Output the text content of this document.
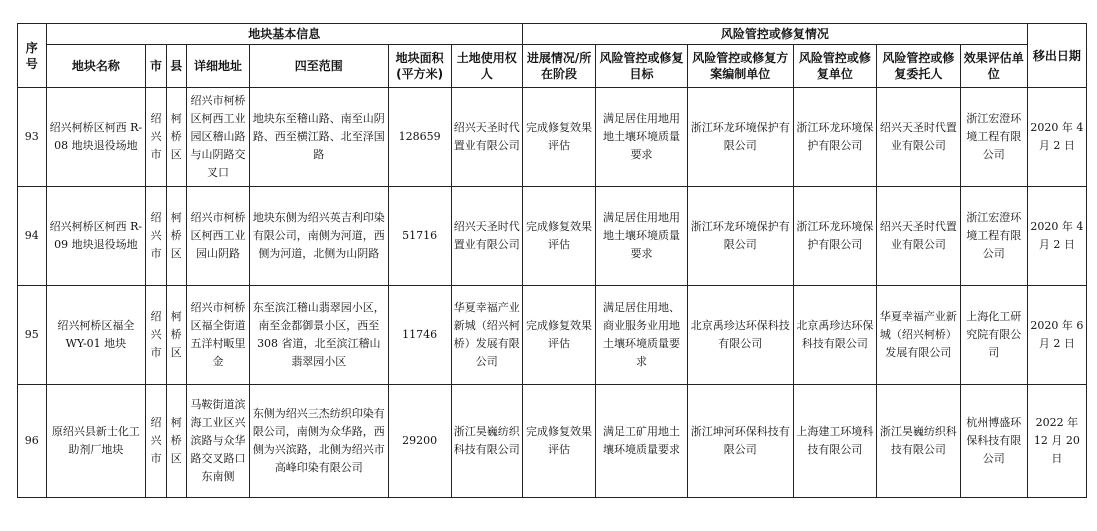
序号	地块基本信息							风险管控或修复情况						移出日期
	地块名称	市	县	详细地址	四至范围	地块面积(平方米)	土地使用权人	进展情况/所在阶段	风险管控或修复目标	风险管控或修复方案编制单位	风险管控或修复单位	风险管控或修复委托人	效果评估单位	
93	绍兴柯桥区柯西 R-08 地块退役场地	绍兴市	柯桥区	绍兴市柯桥区柯西工业园区稽山路与山阴路交叉口	地块东至稽山路、南至山阴路、西至横江路、北至泽国路	128659	绍兴天圣时代置业有限公司	完成修复效果评估	满足居住用地用地土壤环境质量要求	浙江环龙环境保护有限公司	浙江环龙环境保护有限公司	绍兴天圣时代置业有限公司	浙江宏澄环境工程有限公司	2020 年 4 月 2 日
94	绍兴柯桥区柯西 R-09 地块退役场地	绍兴市	柯桥区	绍兴市柯桥区柯西工业园山阴路	地块东侧为绍兴英吉利印染有限公司，南侧为河道，西侧为河道，北侧为山阴路	51716	绍兴天圣时代置业有限公司	完成修复效果评估	满足居住用地用地土壤环境质量要求	浙江环龙环境保护有限公司	浙江环龙环境保护有限公司	绍兴天圣时代置业有限公司	浙江宏澄环境工程有限公司	2020 年 4 月 2 日
95	绍兴柯桥区福全 WY-01 地块	绍兴市	柯桥区	绍兴市柯桥区福全街道五洋村畈里金	东至滨江稽山翡翠园小区，南至金都御景小区，西至 308 省道，北至滨江稽山翡翠园小区	11746	华夏幸福产业新城（绍兴柯桥）发展有限公司	完成修复效果评估	满足居住用地、商业服务业用地土壤环境质量要求	北京禹珍达环保科技有限公司	北京禹珍达环保科技有限公司	华夏幸福产业新城（绍兴柯桥）发展有限公司	上海化工研究院有限公司	2020 年 6 月 2 日
96	原绍兴县新士化工助剂厂地块	绍兴市	柯桥区	马鞍街道滨海工业区兴滨路与众华路交叉路口东南侧	东侧为绍兴三杰纺织印染有限公司，南侧为众华路，西侧为兴滨路，北侧为绍兴市高峰印染有限公司	29200	浙江昊巍纺织科技有限公司	完成修复效果评估	满足工矿用地土壤环境质量要求	浙江坤河环保科技有限公司	上海建工环境科技有限公司	浙江昊巍纺织科技有限公司	杭州博盛环保科技有限公司	2022 年 12 月 20 日
